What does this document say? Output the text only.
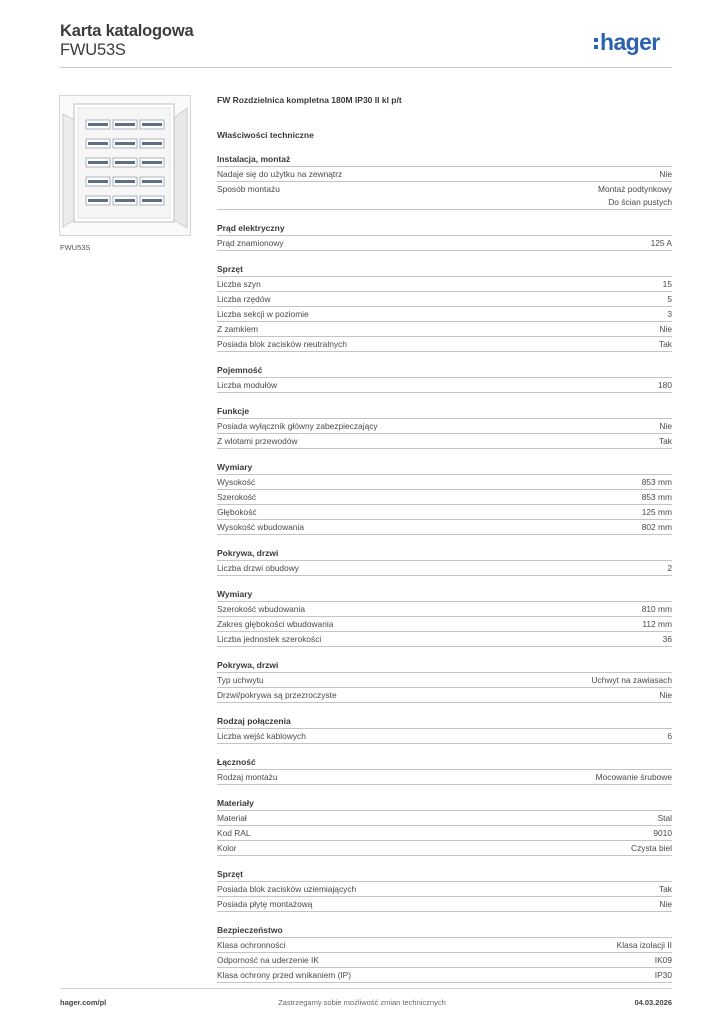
Karta katalogowa
FWU53S	hager
FWU53S
FW Rozdzielnica kompletna 180M IP30 II kl p/t
Właściwości techniczne
Instalacja, montaż
Nadaje się do użytku na zewnątrz	Nie
Sposób montażu	Montaż podtynkowy
Do ścian pustych
Prąd elektryczny
Prąd znamionowy	125 A
Sprzęt
Liczba szyn	15
Liczba rzędów	5
Liczba sekcji w poziomie	3
Z zamkiem	Nie
Posiada blok zacisków neutralnych	Tak
Pojemność
Liczba modułów	180
Funkcje
Posiada wyłącznik główny zabezpieczający	Nie
Z wlotami przewodów	Tak
Wymiary
Wysokość	853 mm
Szerokość	853 mm
Głębokość	125 mm
Wysokość wbudowania	802 mm
Pokrywa, drzwi
Liczba drzwi obudowy	2
Wymiary
Szerokość wbudowania	810 mm
Zakres głębokości wbudowania	112 mm
Liczba jednostek szerokości	36
Pokrywa, drzwi
Typ uchwytu	Uchwyt na zawiasach
Drzwi/pokrywa są przezroczyste	Nie
Rodzaj połączenia
Liczba wejść kablowych	6
Łączność
Rodzaj montażu	Mocowanie śrubowe
Materiały
Materiał	Stal
Kod RAL	9010
Kolor	Czysta biel
Sprzęt
Posiada blok zacisków uziemiających	Tak
Posiada płytę montażową	Nie
Bezpieczeństwo
Klasa ochronności	Klasa izolacji II
Odporność na uderzenie IK	IK09
Klasa ochrony przed wnikaniem (IP)	IP30
hager.com/pl	Zastrzegamy sobie możliwość zmian technicznych	04.03.2026
